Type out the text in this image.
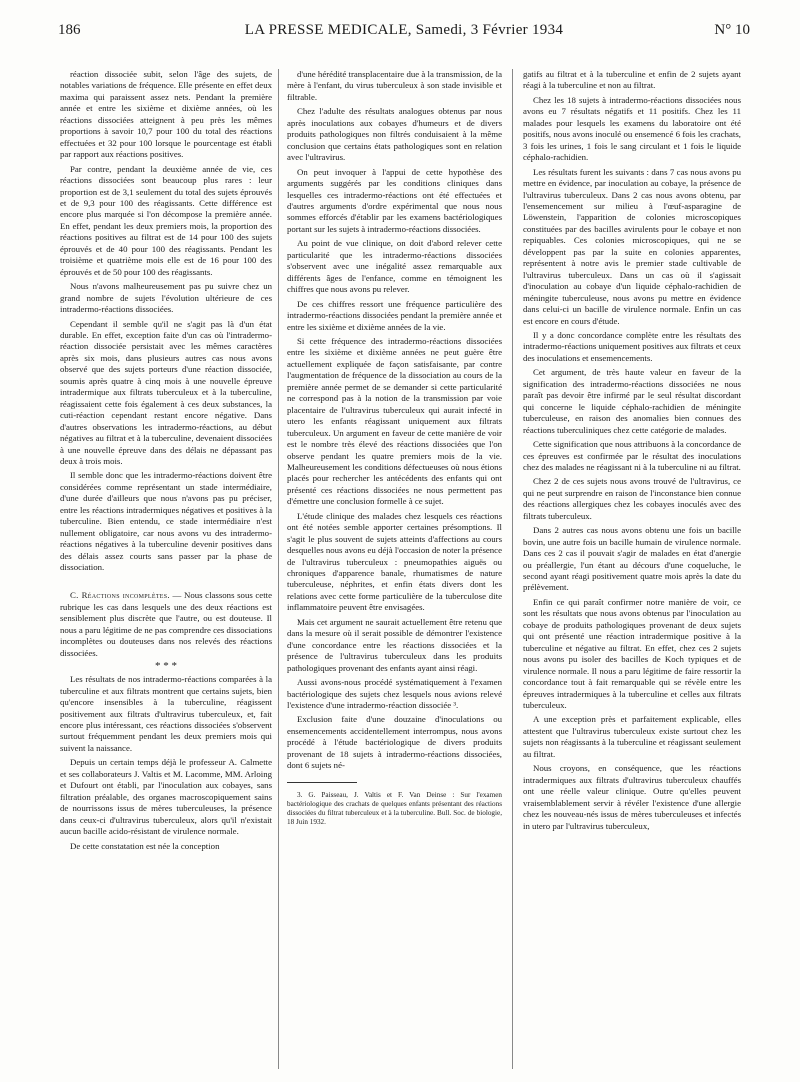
186	LA PRESSE MEDICALE, Samedi, 3 Février 1934	N° 10

réaction dissociée subit, selon l'âge des sujets, de notables variations de fréquence. Elle présente en effet deux maxima qui paraissent assez nets. Pendant la première année et entre les sixième et dixième années, où les réactions dissociées atteignent à peu près les mêmes proportions à savoir 10,7 pour 100 du total des réactions effectuées et 32 pour 100 lorsque le pourcentage est établi par rapport aux réactions positives.

Par contre, pendant la deuxième année de vie, ces réactions dissociées sont beaucoup plus rares : leur proportion est de 3,1 seulement du total des sujets éprouvés et de 9,3 pour 100 des réagissants. Cette différence est encore plus marquée si l'on décompose la première année. En effet, pendant les deux premiers mois, la proportion des réactions positives au filtrat est de 14 pour 100 des sujets éprouvés et de 40 pour 100 des réagissants. Pendant les troisième et quatrième mois elle est de 16 pour 100 des éprouvés et de 50 pour 100 des réagissants.

Nous n'avons malheureusement pas pu suivre chez un grand nombre de sujets l'évolution ultérieure de ces intradermo-réactions dissociées.

Cependant il semble qu'il ne s'agit pas là d'un état durable. En effet, exception faite d'un cas où l'intradermo-réaction dissociée persistait avec les mêmes caractères après six mois, dans plusieurs autres cas nous avons observé que des sujets porteurs d'une réaction dissociée, soumis après quatre à cinq mois à une nouvelle épreuve intradermique aux filtrats tuberculeux et à la tuberculine, réagissaient cette fois également à ces deux substances, la cuti-réaction cependant restant encore négative. Dans d'autres observations les intradermo-réactions, au début négatives au filtrat et à la tuberculine, devenaient dissociées à une nouvelle épreuve dans des délais ne dépassant pas deux à trois mois.

Il semble donc que les intradermo-réactions doivent être considérées comme représentant un stade intermédiaire, d'une durée d'ailleurs que nous n'avons pas pu préciser, entre les réactions intradermiques négatives et positives à la tuberculine. Bien entendu, ce stade intermédiaire n'est nullement obligatoire, car nous avons vu des intradermo-réactions négatives à la tuberculine devenir positives dans des délais assez courts sans passer par la phase de dissociation.

C. Réactions incomplètes. — Nous classons sous cette rubrique les cas dans lesquels une des deux réactions est sensiblement plus discrète que l'autre, ou est douteuse. Il nous a paru légitime de ne pas comprendre ces dissociations incomplètes ou douteuses dans nos relevés des réactions dissociées.

* * *

Les résultats de nos intradermo-réactions comparées à la tuberculine et aux filtrats montrent que certains sujets, bien qu'encore insensibles à la tuberculine, réagissent positivement aux filtrats d'ultravirus tuberculeux, et, fait encore plus intéressant, ces réactions dissociées s'observent surtout fréquemment pendant les deux premiers mois qui suivent la naissance.

Depuis un certain temps déjà le professeur A. Calmette et ses collaborateurs J. Valtis et M. Lacomme, MM. Arloing et Dufourt ont établi, par l'inoculation aux cobayes, sans filtration préalable, des organes macroscopiquement sains de nourrissons issus de mères tuberculeuses, la présence dans ceux-ci d'ultravirus tuberculeux, alors qu'il n'existait aucun bacille acido-résistant de virulence normale.

De cette constatation est née la conception

d'une hérédité transplacentaire due à la transmission, de la mère à l'enfant, du virus tuberculeux à son stade invisible et filtrable.

Chez l'adulte des résultats analogues obtenus par nous après inoculations aux cobayes d'humeurs et de divers produits pathologiques non filtrés conduisaient à la même conclusion que certains états pathologiques sont en relation avec l'ultravirus.

On peut invoquer à l'appui de cette hypothèse des arguments suggérés par les conditions cliniques dans lesquelles ces intradermo-réactions ont été effectuées et d'autres arguments d'ordre expérimental que nous nous sommes efforcés d'établir par les examens bactériologiques portant sur les sujets à intradermo-réactions dissociées.

Au point de vue clinique, on doit d'abord relever cette particularité que les intradermo-réactions dissociées s'observent avec une inégalité assez remarquable aux différents âges de l'enfance, comme en témoignent les chiffres que nous avons pu relever.

De ces chiffres ressort une fréquence particulière des intradermo-réactions dissociées pendant la première année et entre les sixième et dixième années de la vie.

Si cette fréquence des intradermo-réactions dissociées entre les sixième et dixième années ne peut guère être actuellement expliquée de façon satisfaisante, par contre l'augmentation de fréquence de la dissociation au cours de la première année permet de se demander si cette particularité ne correspond pas à la notion de la transmission par voie placentaire de l'ultravirus tuberculeux qui aurait infecté in utero les enfants réagissant uniquement aux filtrats tuberculeux. Un argument en faveur de cette manière de voir est le nombre très élevé des réactions dissociées que l'on observe pendant les quatre premiers mois de la vie. Malheureusement les conditions défectueuses où nous étions placés pour rechercher les antécédents des enfants qui ont présenté ces réactions dissociées ne nous permettent pas d'émettre une conclusion formelle à ce sujet.

L'étude clinique des malades chez lesquels ces réactions ont été notées semble apporter certaines présomptions. Il s'agit le plus souvent de sujets atteints d'affections au cours desquelles nous avons eu déjà l'occasion de noter la présence de l'ultravirus tuberculeux : pneumopathies aiguës ou chroniques d'apparence banale, rhumatismes de nature tuberculeuse, néphrites, et enfin états divers dont les relations avec cette forme particulière de la tuberculose dite inflammatoire peuvent être envisagées.

Mais cet argument ne saurait actuellement être retenu que dans la mesure où il serait possible de démontrer l'existence d'une concordance entre les réactions dissociées et la présence de l'ultravirus tuberculeux dans les produits pathologiques provenant des enfants ayant ainsi réagi.

Aussi avons-nous procédé systématiquement à l'examen bactériologique des sujets chez lesquels nous avions relevé l'existence d'une intradermo-réaction dissociée ³.

Exclusion faite d'une douzaine d'inoculations ou ensemencements accidentellement interrompus, nous avons procédé à l'étude bactériologique de divers produits provenant de 18 sujets à intradermo-réactions dissociées, dont 6 sujets né-

3. G. Paisseau, J. Valtis et F. Van Deinse : Sur l'examen bactériologique des crachats de quelques enfants présentant des réactions dissociées du filtrat tuberculeux et à la tuberculine. Bull. Soc. de biologie, 18 Juin 1932.

gatifs au filtrat et à la tuberculine et enfin de 2 sujets ayant réagi à la tuberculine et non au filtrat.

Chez les 18 sujets à intradermo-réactions dissociées nous avons eu 7 résultats négatifs et 11 positifs. Chez les 11 malades pour lesquels les examens du laboratoire ont été positifs, nous avons inoculé ou ensemencé 6 fois les crachats, 3 fois les urines, 1 fois le sang circulant et 1 fois le liquide céphalo-rachidien.

Les résultats furent les suivants : dans 7 cas nous avons pu mettre en évidence, par inoculation au cobaye, la présence de l'ultravirus tuberculeux. Dans 2 cas nous avons obtenu, par l'ensemencement sur milieu à l'œuf-asparagine de Löwenstein, l'apparition de colonies microscopiques constituées par des bacilles avirulents pour le cobaye et non repiquables. Ces colonies microscopiques, qui ne se développent pas par la suite en colonies apparentes, représentent à notre avis le premier stade cultivable de l'ultravirus tuberculeux. Dans un cas où il s'agissait d'inoculation au cobaye d'un liquide céphalo-rachidien de méningite tuberculeuse, nous avons pu mettre en évidence dans celui-ci un bacille de virulence normale. Enfin un cas est encore en cours d'étude.

Il y a donc concordance complète entre les résultats des intradermo-réactions uniquement positives aux filtrats et ceux des inoculations et ensemencements.

Cet argument, de très haute valeur en faveur de la signification des intradermo-réactions dissociées ne nous paraît pas devoir être infirmé par le seul résultat discordant qui concerne le liquide céphalo-rachidien de méningite tuberculeuse, en raison des anomalies bien connues des réactions tuberculiniques chez cette catégorie de malades.

Cette signification que nous attribuons à la concordance de ces épreuves est confirmée par le résultat des inoculations chez des malades ne réagissant ni à la tuberculine ni au filtrat.

Chez 2 de ces sujets nous avons trouvé de l'ultravirus, ce qui ne peut surprendre en raison de l'inconstance bien connue des réactions allergiques chez les cobayes inoculés avec des filtrats tuberculeux.

Dans 2 autres cas nous avons obtenu une fois un bacille bovin, une autre fois un bacille humain de virulence normale. Dans ces 2 cas il pouvait s'agir de malades en état d'anergie ou préallergie, l'un étant au décours d'une coqueluche, le second ayant réagi positivement quatre mois après la date du prélèvement.

Enfin ce qui paraît confirmer notre manière de voir, ce sont les résultats que nous avons obtenus par l'inoculation au cobaye de produits pathologiques provenant de deux sujets qui ont présenté une réaction intradermique positive à la tuberculine et négative au filtrat. En effet, chez ces 2 sujets nous avons pu isoler des bacilles de Koch typiques et de virulence normale. Il nous a paru légitime de faire ressortir la concordance tout à fait remarquable qui se révèle entre les épreuves intradermiques à la tuberculine et celles aux filtrats tuberculeux.

A une exception près et parfaitement explicable, elles attestent que l'ultravirus tuberculeux existe surtout chez les sujets non réagissants à la tuberculine et réagissant seulement au filtrat.

Nous croyons, en conséquence, que les réactions intradermiques aux filtrats d'ultravirus tuberculeux chauffés ont une réelle valeur clinique. Outre qu'elles peuvent vraisemblablement servir à révéler l'existence d'une allergie chez les nouveau-nés issus de mères tuberculeuses et infectés in utero par l'ultravirus tuberculeux,
